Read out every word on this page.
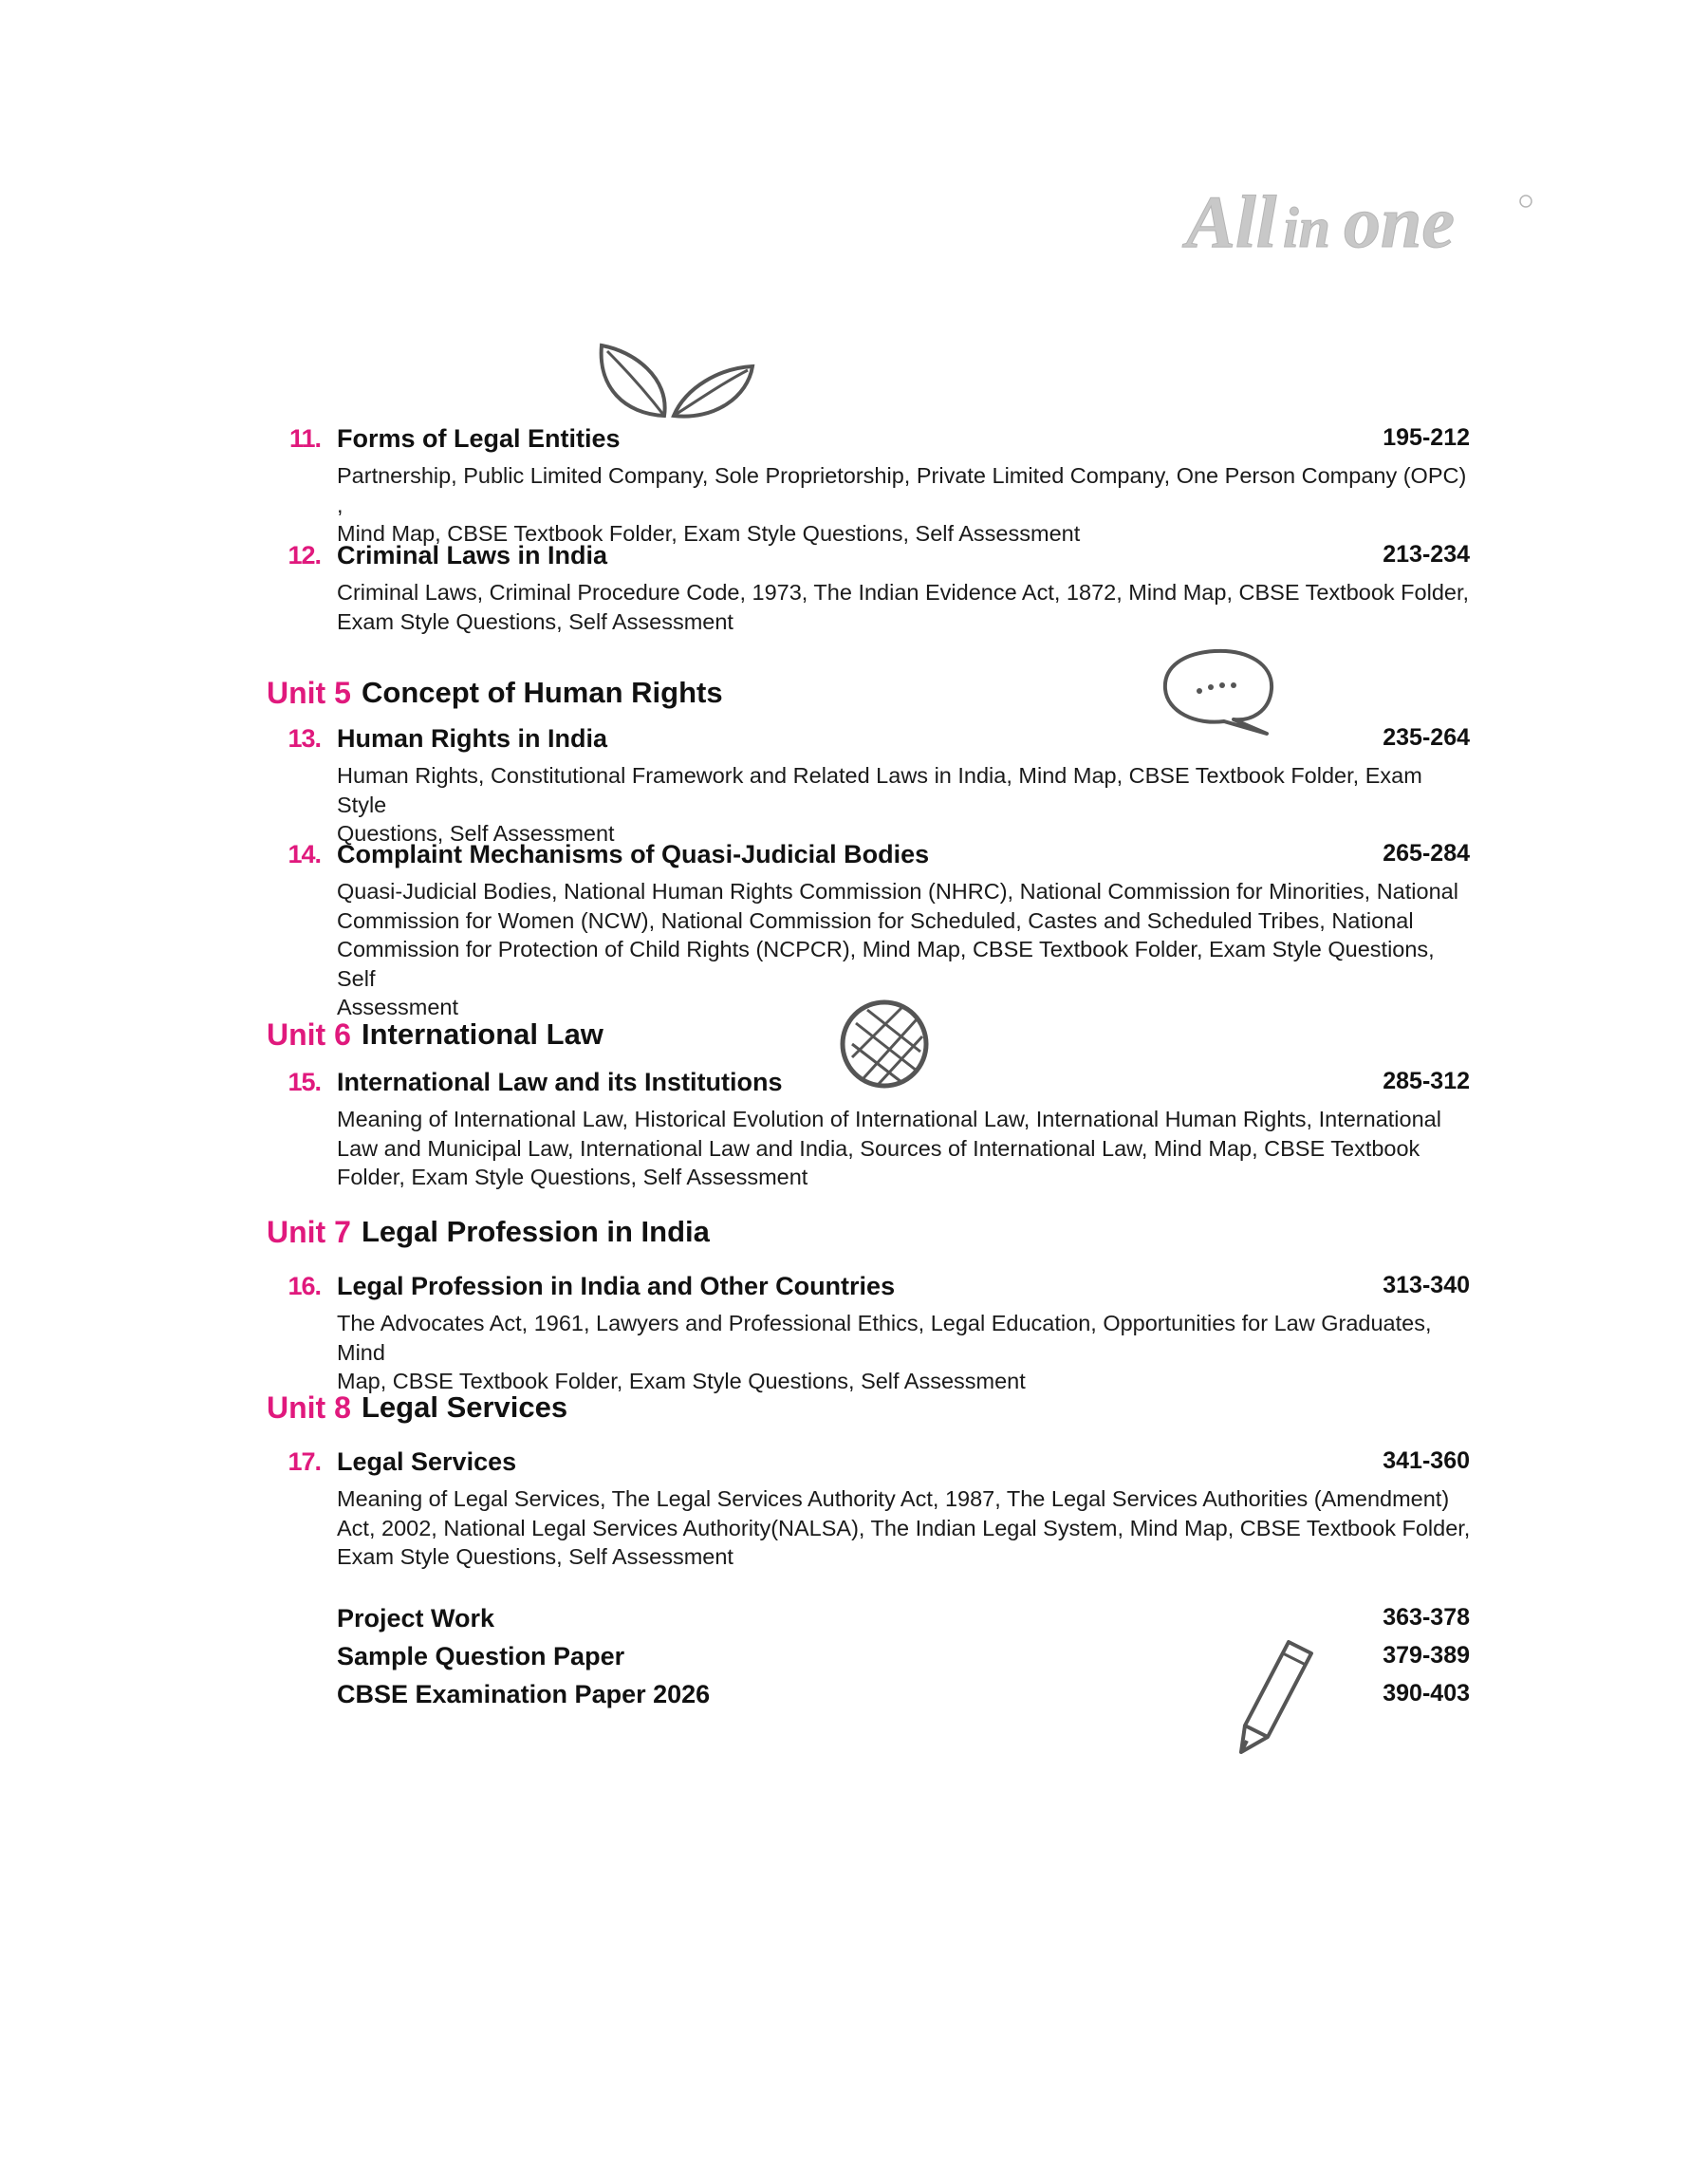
All in one
11. Forms of Legal Entities	195-212
Partnership, Public Limited Company, Sole Proprietorship, Private Limited Company, One Person Company (OPC) ,
Mind Map, CBSE Textbook Folder, Exam Style Questions, Self Assessment
12. Criminal Laws in India	213-234
Criminal Laws, Criminal Procedure Code, 1973, The Indian Evidence Act, 1872, Mind Map, CBSE Textbook Folder,
Exam Style Questions, Self Assessment
Unit 5 Concept of Human Rights
13. Human Rights in India	235-264
Human Rights, Constitutional Framework and Related Laws in India, Mind Map, CBSE Textbook Folder, Exam Style
Questions, Self Assessment
14. Complaint Mechanisms of Quasi-Judicial Bodies	265-284
Quasi-Judicial Bodies, National Human Rights Commission (NHRC), National Commission for Minorities, National
Commission for Women (NCW), National Commission for Scheduled, Castes and Scheduled Tribes, National
Commission for Protection of Child Rights (NCPCR), Mind Map, CBSE Textbook Folder, Exam Style Questions, Self
Assessment
Unit 6 International Law
15. International Law and its Institutions	285-312
Meaning of International Law, Historical Evolution of International Law, International Human Rights, International
Law and Municipal Law, International Law and India, Sources of International Law, Mind Map, CBSE Textbook
Folder, Exam Style Questions, Self Assessment
Unit 7 Legal Profession in India
16. Legal Profession in India and Other Countries	313-340
The Advocates Act, 1961, Lawyers and Professional Ethics, Legal Education, Opportunities for Law Graduates, Mind
Map, CBSE Textbook Folder, Exam Style Questions, Self Assessment
Unit 8 Legal Services
17. Legal Services	341-360
Meaning of Legal Services, The Legal Services Authority Act, 1987, The Legal Services Authorities (Amendment)
Act, 2002, National Legal Services Authority(NALSA), The Indian Legal System, Mind Map, CBSE Textbook Folder,
Exam Style Questions, Self Assessment
Project Work	363-378
Sample Question Paper	379-389
CBSE Examination Paper 2026	390-403
